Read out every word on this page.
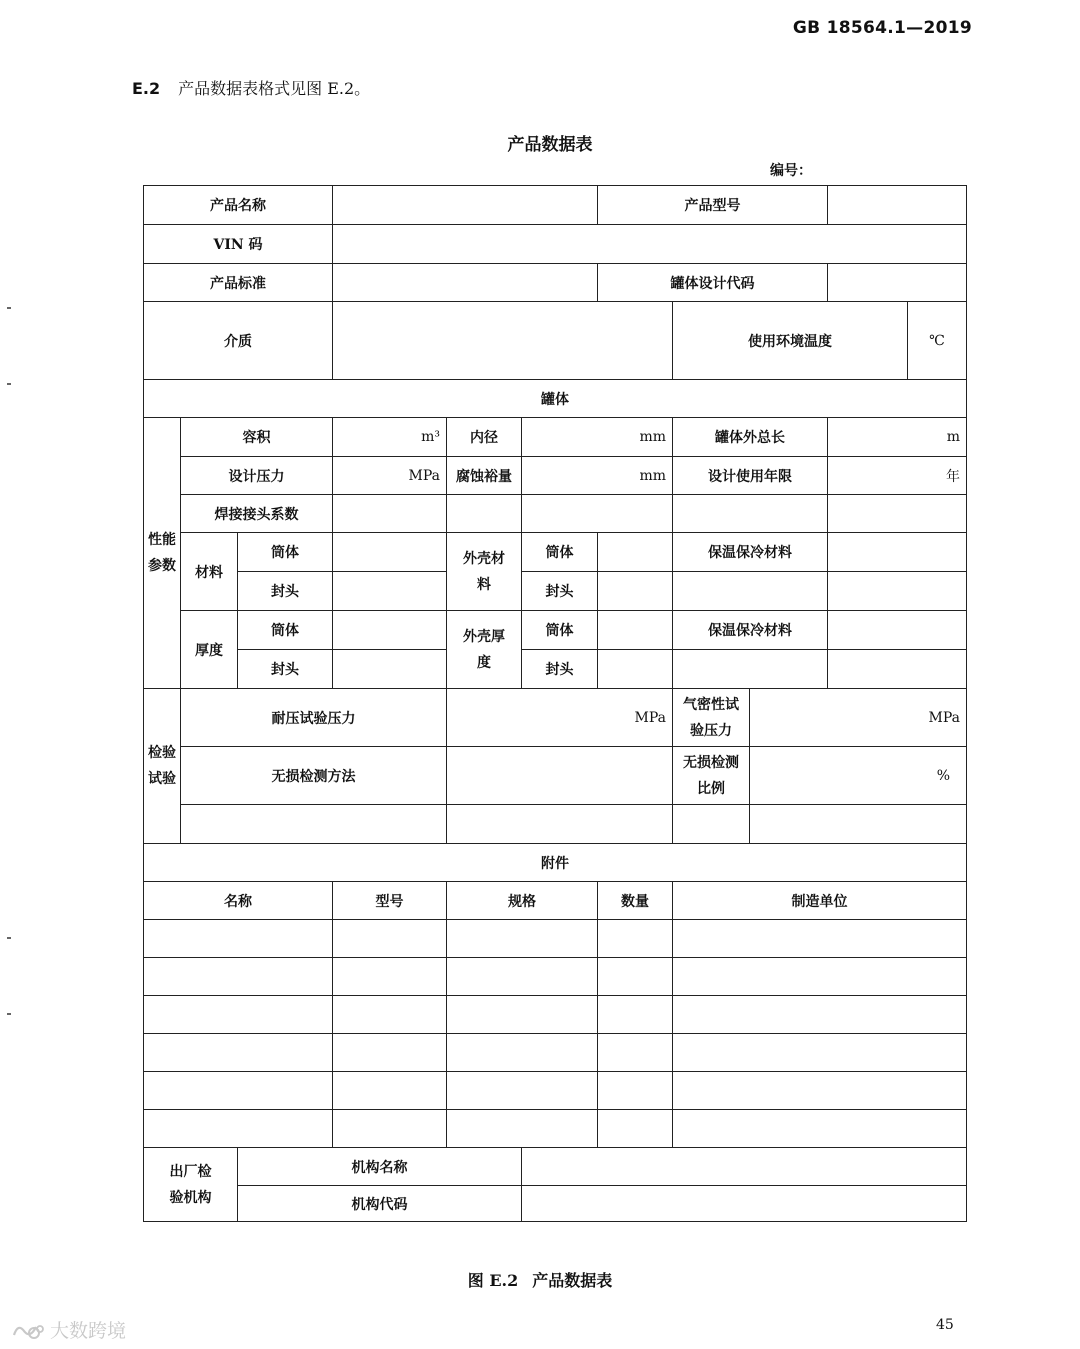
GB 18564.1—2019
E.2 产品数据表格式见图 E.2。
产品数据表
编号：
产品名称						产品型号				
VIN 码										
产品标准						罐体设计代码				
介质							使用环境温度			℃
罐体										
性能参数	容积		m³	内径	mm		罐体外总长		m	
	设计压力		MPa	腐蚀裕量	mm		设计使用年限		年	
	焊接接头系数									
	材料	筒体		外壳材料	筒体		保温保冷材料			
		封头			封头					
	厚度	筒体		外壳厚度	筒体		保温保冷材料			
		封头			封头					
检验试验	耐压试验压力			MPa			气密性试验压力	MPa		
	无损检测方法						无损检测比例	%		

附件										
名称			型号	规格		数量	制造单位			

出厂检验机构		机构名称								
		机构代码								
图 E.2 产品数据表
大数跨境	45
